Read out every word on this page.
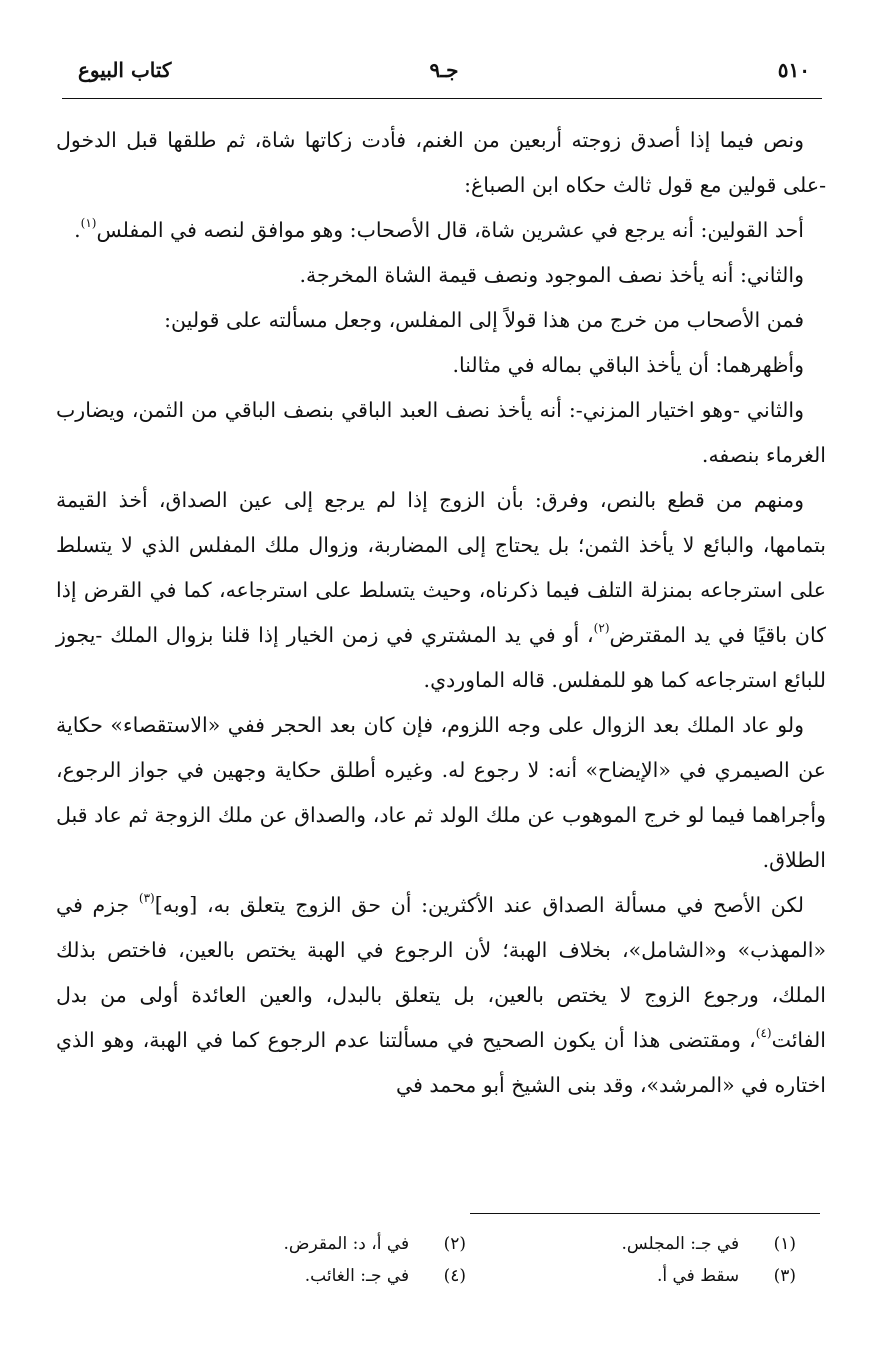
٥١٠
جـ٩
كتاب البيوع

ونص فيما إذا أصدق زوجته أربعين من الغنم، فأدت زكاتها شاة، ثم طلقها قبل الدخول -على قولين مع قول ثالث حكاه ابن الصباغ:

أحد القولين: أنه يرجع في عشرين شاة، قال الأصحاب: وهو موافق لنصه في المفلس$^{(١)}$.

والثاني: أنه يأخذ نصف الموجود ونصف قيمة الشاة المخرجة.

فمن الأصحاب من خرج من هذا قولاً إلى المفلس، وجعل مسألته على قولين:

وأظهرهما: أن يأخذ الباقي بماله في مثالنا.

والثاني -وهو اختيار المزني-: أنه يأخذ نصف العبد الباقي بنصف الباقي من الثمن، ويضارب الغرماء بنصفه.

ومنهم من قطع بالنص، وفرق: بأن الزوج إذا لم يرجع إلى عين الصداق، أخذ القيمة بتمامها، والبائع لا يأخذ الثمن؛ بل يحتاج إلى المضاربة، وزوال ملك المفلس الذي لا يتسلط على استرجاعه بمنزلة التلف فيما ذكرناه، وحيث يتسلط على استرجاعه، كما في القرض إذا كان باقيًا في يد المقترض$^{(٢)}$، أو في يد المشتري في زمن الخيار إذا قلنا بزوال الملك -يجوز للبائع استرجاعه كما هو للمفلس. قاله الماوردي.

ولو عاد الملك بعد الزوال على وجه اللزوم، فإن كان بعد الحجر ففي «الاستقصاء» حكاية عن الصيمري في «الإيضاح» أنه: لا رجوع له. وغيره أطلق حكاية وجهين في جواز الرجوع، وأجراهما فيما لو خرج الموهوب عن ملك الولد ثم عاد، والصداق عن ملك الزوجة ثم عاد قبل الطلاق.

لكن الأصح في مسألة الصداق عند الأكثرين: أن حق الزوج يتعلق به، [وبه]$^{(٣)}$ جزم في «المهذب» و«الشامل»، بخلاف الهبة؛ لأن الرجوع في الهبة يختص بالعين، فاختص بذلك الملك، ورجوع الزوج لا يختص بالعين، بل يتعلق بالبدل، والعين العائدة أولى من بدل الفائت$^{(٤)}$، ومقتضى هذا أن يكون الصحيح في مسألتنا عدم الرجوع كما في الهبة، وهو الذي اختاره في «المرشد»، وقد بنى الشيخ أبو محمد في

(١)  في جـ: المجلس.
(٢)  في أ، د: المقرض.
(٣)  سقط في أ.
(٤)  في جـ: الغائب.
